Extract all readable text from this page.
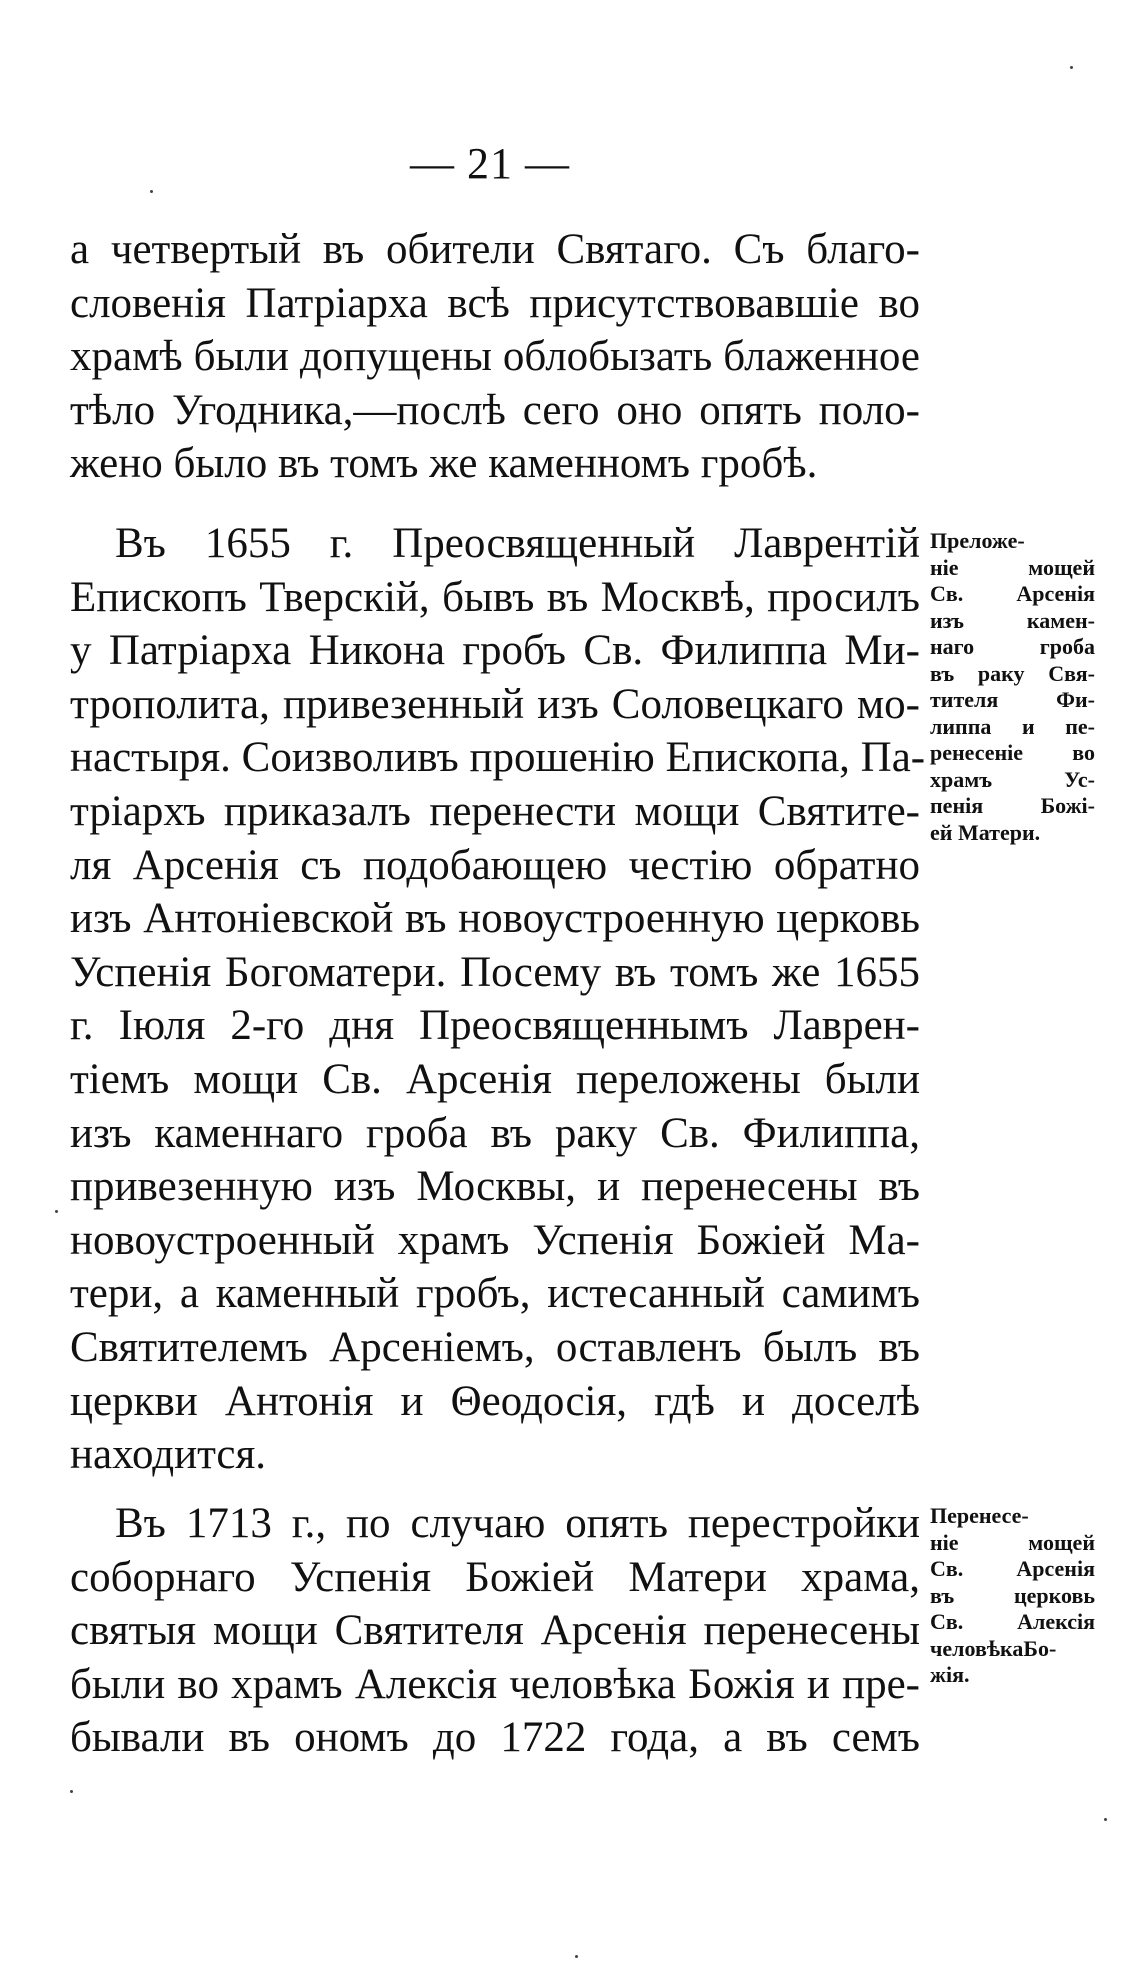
— 21 —
а четвертый въ обители Святаго. Съ благо-
словенія Патріарха всѣ присутствовавшіе во
храмѣ были допущены облобызать блаженное
тѣло Угодника,—послѣ сего оно опять поло-
жено было въ томъ же каменномъ гробѣ.
Въ 1655 г. Преосвященный Лаврентій
Епископъ Тверскій, бывъ въ Москвѣ, просилъ
у Патріарха Никона гробъ Св. Филиппа Ми-
трополита, привезенный изъ Соловецкаго мо-
настыря. Соизволивъ прошенію Епископа, Па-
тріархъ приказалъ перенести мощи Святите-
ля Арсенія съ подобающею честію обратно
изъ Антоніевской въ новоустроенную церковь
Успенія Богоматери. Посему въ томъ же 1655
г. Іюля 2-го дня Преосвященнымъ Лаврен-
тіемъ мощи Св. Арсенія переложены были
изъ каменнаго гроба въ раку Св. Филиппа,
привезенную изъ Москвы, и перенесены въ
новоустроенный храмъ Успенія Божіей Ма-
тери, а каменный гробъ, истесанный самимъ
Святителемъ Арсеніемъ, оставленъ былъ въ
церкви Антонія и Θеодосія, гдѣ и доселѣ
находится.
Въ 1713 г., по случаю опять перестройки
соборнаго Успенія Божіей Матери храма,
святыя мощи Святителя Арсенія перенесены
были во храмъ Алексія человѣка Божія и пре-
бывали въ ономъ до 1722 года, а въ семъ
Преложе-
ніе мощей
Св. Арсенія
изъ камен-
наго гроба
въ раку Свя-
тителя Фи-
липпа и пе-
ренесеніе во
храмъ Ус-
пенія Божі-
ей Матери.
Перенесе-
ніе мощей
Св. Арсенія
въ церковь
Св. Алексія
человѣкаБо-
жія.
